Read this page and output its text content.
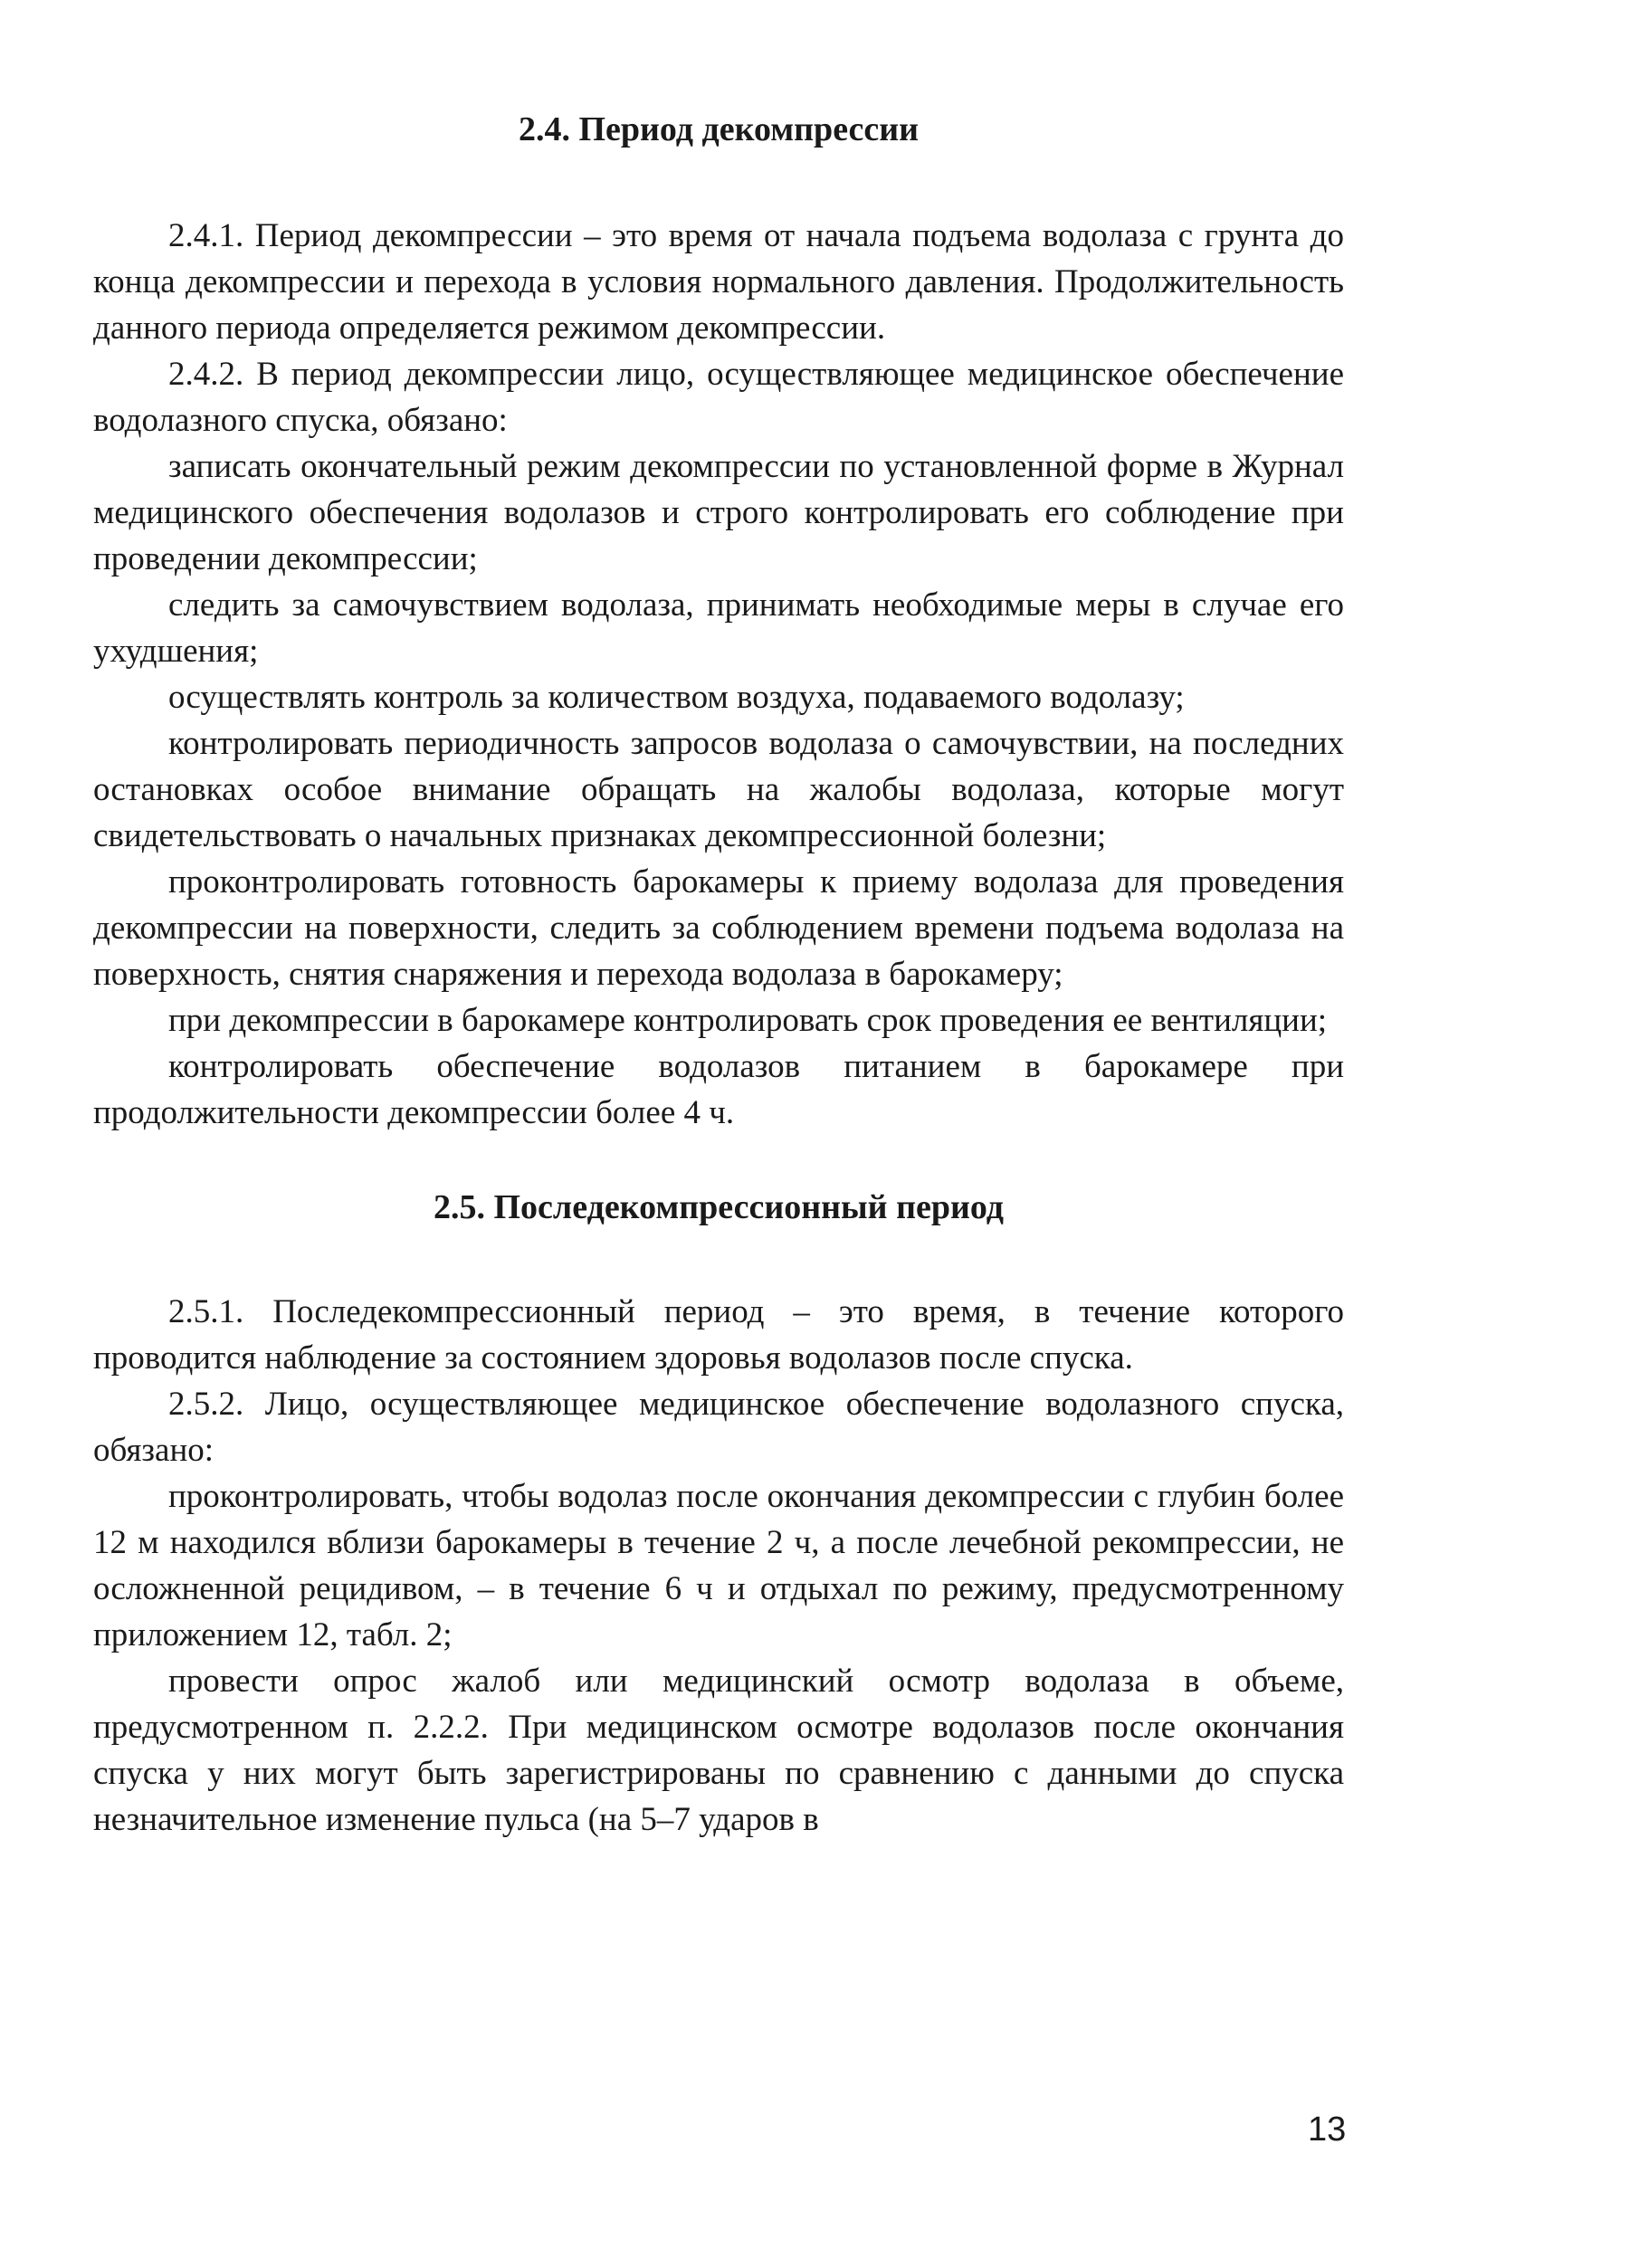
2.4. Период декомпрессии

2.4.1. Период декомпрессии – это время от начала подъема водолаза с грунта до конца декомпрессии и перехода в условия нормального давления. Продолжительность данного периода определяется режимом декомпрессии.

2.4.2. В период декомпрессии лицо, осуществляющее медицинское обеспечение водолазного спуска, обязано:

записать окончательный режим декомпрессии по установленной форме в Журнал медицинского обеспечения водолазов и строго контролировать его соблюдение при проведении декомпрессии;

следить за самочувствием водолаза, принимать необходимые меры в случае его ухудшения;

осуществлять контроль за количеством воздуха, подаваемого водолазу;

контролировать периодичность запросов водолаза о самочувствии, на последних остановках особое внимание обращать на жалобы водолаза, которые могут свидетельствовать о начальных признаках декомпрессионной болезни;

проконтролировать готовность барокамеры к приему водолаза для проведения декомпрессии на поверхности, следить за соблюдением времени подъема водолаза на поверхность, снятия снаряжения и перехода водолаза в барокамеру;

при декомпрессии в барокамере контролировать срок проведения ее вентиляции;

контролировать обеспечение водолазов питанием в барокамере при продолжительности декомпрессии более 4 ч.

2.5. Последекомпрессионный период

2.5.1. Последекомпрессионный период – это время, в течение которого проводится наблюдение за состоянием здоровья водолазов после спуска.

2.5.2. Лицо, осуществляющее медицинское обеспечение водолазного спуска, обязано:

проконтролировать, чтобы водолаз после окончания декомпрессии с глубин более 12 м находился вблизи барокамеры в течение 2 ч, а после лечебной рекомпрессии, не осложненной рецидивом, – в течение 6 ч и отдыхал по режиму, предусмотренному приложением 12, табл. 2;

провести опрос жалоб или медицинский осмотр водолаза в объеме, предусмотренном п. 2.2.2. При медицинском осмотре водолазов после окончания спуска у них могут быть зарегистрированы по сравнению с данными до спуска незначительное изменение пульса (на 5–7 ударов в

13
